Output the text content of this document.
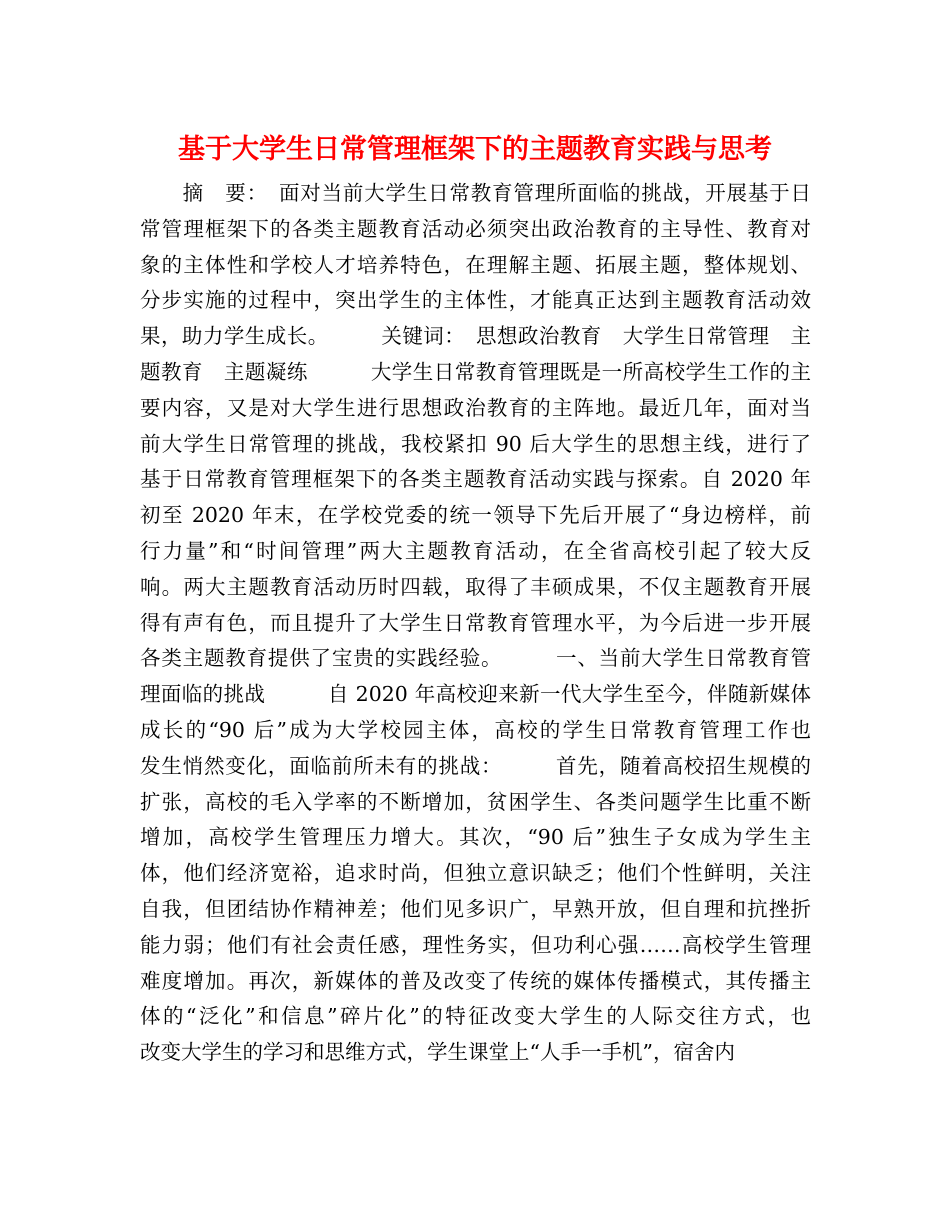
基于大学生日常管理框架下的主题教育实践与思考
　　摘　要：　面对当前大学生日常教育管理所面临的挑战，开展基于日
常管理框架下的各类主题教育活动必须突出政治教育的主导性、教育对
象的主体性和学校人才培养特色，在理解主题、拓展主题，整体规划、
分步实施的过程中，突出学生的主体性，才能真正达到主题教育活动效
果，助力学生成长。　　　关键词：　思想政治教育　大学生日常管理　主
题教育　主题凝练　　　大学生日常教育管理既是一所高校学生工作的主
要内容，又是对大学生进行思想政治教育的主阵地。最近几年，面对当
前大学生日常管理的挑战，我校紧扣 90 后大学生的思想主线，进行了
基于日常教育管理框架下的各类主题教育活动实践与探索。自 2020 年
初至 2020 年末，在学校党委的统一领导下先后开展了“身边榜样，前
行力量”和“时间管理”两大主题教育活动，在全省高校引起了较大反
响。两大主题教育活动历时四载，取得了丰硕成果，不仅主题教育开展
得有声有色，而且提升了大学生日常教育管理水平，为今后进一步开展
各类主题教育提供了宝贵的实践经验。　　　一、当前大学生日常教育管
理面临的挑战　　　自 2020 年高校迎来新一代大学生至今，伴随新媒体
成长的“90 后”成为大学校园主体，高校的学生日常教育管理工作也
发生悄然变化，面临前所未有的挑战：　　　首先，随着高校招生规模的
扩张，高校的毛入学率的不断增加，贫困学生、各类问题学生比重不断
增加，高校学生管理压力增大。其次，“90 后”独生子女成为学生主
体，他们经济宽裕，追求时尚，但独立意识缺乏；他们个性鲜明，关注
自我，但团结协作精神差；他们见多识广，早熟开放，但自理和抗挫折
能力弱；他们有社会责任感，理性务实，但功利心强……高校学生管理
难度增加。再次，新媒体的普及改变了传统的媒体传播模式，其传播主
体的“泛化”和信息”碎片化”的特征改变大学生的人际交往方式，也
改变大学生的学习和思维方式，学生课堂上“人手一手机”，宿舍内
